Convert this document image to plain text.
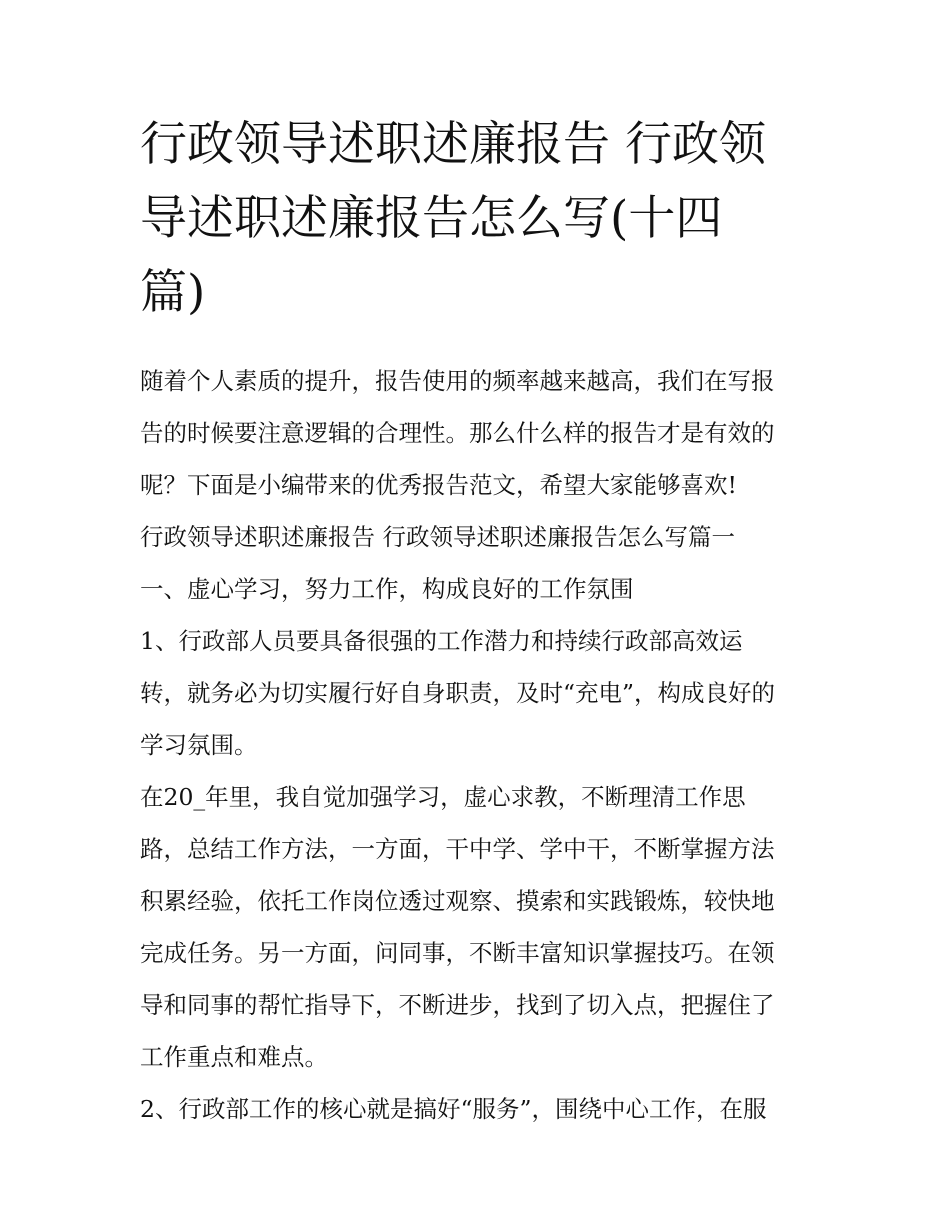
行政领导述职述廉报告 行政领
导述职述廉报告怎么写(十四
篇)
随着个人素质的提升，报告使用的频率越来越高，我们在写报
告的时候要注意逻辑的合理性。那么什么样的报告才是有效的
呢？下面是小编带来的优秀报告范文，希望大家能够喜欢!
行政领导述职述廉报告 行政领导述职述廉报告怎么写篇一
一、虚心学习，努力工作，构成良好的工作氛围
1、行政部人员要具备很强的工作潜力和持续行政部高效运
转，就务必为切实履行好自身职责，及时“充电”，构成良好的
学习氛围。
在20_年里，我自觉加强学习，虚心求教，不断理清工作思
路，总结工作方法，一方面，干中学、学中干，不断掌握方法
积累经验，依托工作岗位透过观察、摸索和实践锻炼，较快地
完成任务。另一方面，问同事，不断丰富知识掌握技巧。在领
导和同事的帮忙指导下，不断进步，找到了切入点，把握住了
工作重点和难点。
2、行政部工作的核心就是搞好“服务”，围绕中心工作，在服
